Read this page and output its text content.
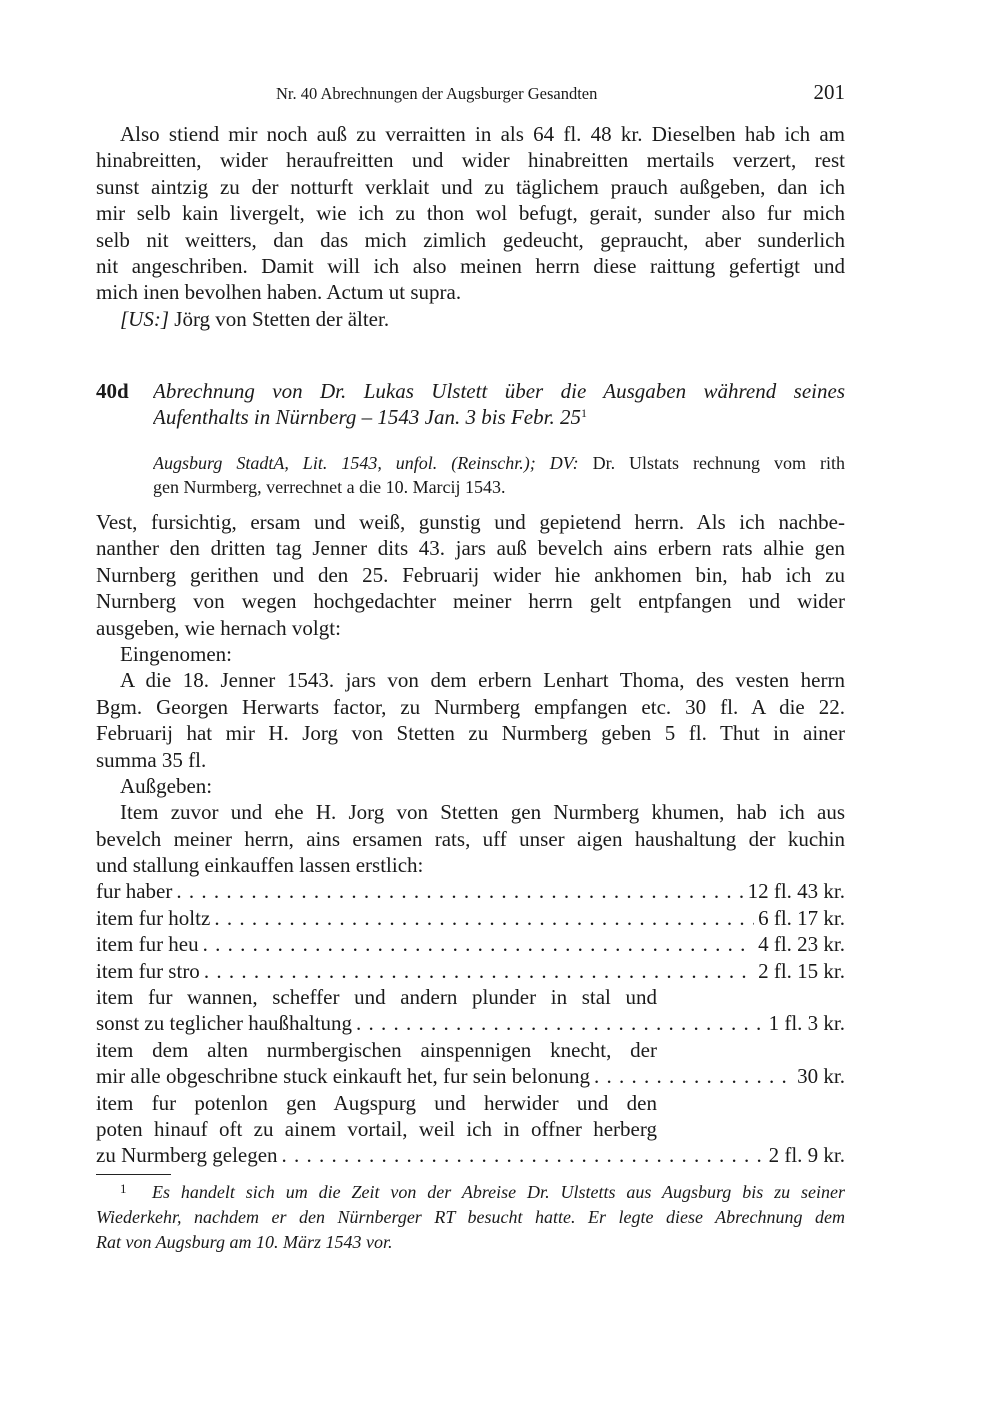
Nr. 40 Abrechnungen der Augsburger Gesandten	201
Also stiend mir noch auß zu verraitten in als 64 fl. 48 kr. Dieselben hab ich am
hinabreitten, wider heraufreitten und wider hinabreitten mertails verzert, rest
sunst aintzig zu der notturft verklait und zu täglichem prauch außgeben, dan ich
mir selb kain livergelt, wie ich zu thon wol befugt, gerait, sunder also fur mich
selb nit weitters, dan das mich zimlich gedeucht, gepraucht, aber sunderlich
nit angeschriben. Damit will ich also meinen herrn diese raittung gefertigt und
mich inen bevolhen haben. Actum ut supra.
[US:] Jörg von Stetten der älter.
40d Abrechnung von Dr. Lukas Ulstett über die Ausgaben während seines
Aufenthalts in Nürnberg – 1543 Jan. 3 bis Febr. $25^1$
Augsburg StadtA, Lit. 1543, unfol. (Reinschr.); DV: Dr. Ulstats rechnung vom rith
gen Nurmberg, verrechnet a die 10. Marcij 1543.
Vest, fursichtig, ersam und weiß, gunstig und gepietend herrn. Als ich nachbe-
nanther den dritten tag Jenner dits 43. jars auß bevelch ains erbern rats alhie gen
Nurnberg gerithen und den 25. Februarij wider hie ankhomen bin, hab ich zu
Nurnberg von wegen hochgedachter meiner herrn gelt entpfangen und wider
ausgeben, wie hernach volgt:
Eingenomen:
A die 18. Jenner 1543. jars von dem erbern Lenhart Thoma, des vesten herrn
Bgm. Georgen Herwarts factor, zu Nurmberg empfangen etc. 30 fl. A die 22.
Februarij hat mir H. Jorg von Stetten zu Nurmberg geben 5 fl. Thut in ainer
summa 35 fl.
Außgeben:
Item zuvor und ehe H. Jorg von Stetten gen Nurmberg khumen, hab ich aus
bevelch meiner herrn, ains ersamen rats, uff unser aigen haushaltung der kuchin
und stallung einkauffen lassen erstlich:
fur haber . . .	12 fl. 43 kr.
item fur holtz . . .	6 fl. 17 kr.
item fur heu . . .	4 fl. 23 kr.
item fur stro . . .	2 fl. 15 kr.
item fur wannen, scheffer und andern plunder in stal und
sonst zu teglicher haußhaltung . . .	1 fl. 3 kr.
item dem alten nurmbergischen ainspennigen knecht, der
mir alle obgeschribne stuck einkauft het, fur sein belonung . . .	30 kr.
item fur potenlon gen Augspurg und herwider und den
poten hinauf oft zu ainem vortail, weil ich in offner herberg
zu Nurmberg gelegen . . .	2 fl. 9 kr.
1 Es handelt sich um die Zeit von der Abreise Dr. Ulstetts aus Augsburg bis zu seiner
Wiederkehr, nachdem er den Nürnberger RT besucht hatte. Er legte diese Abrechnung dem
Rat von Augsburg am 10. März 1543 vor.
